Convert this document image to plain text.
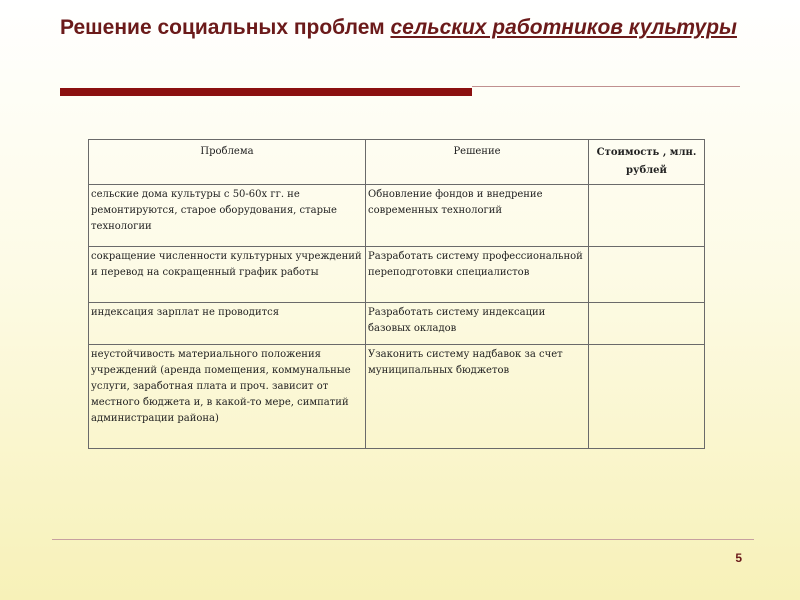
Решение социальных проблем сельских работников культуры
Проблема	Решение	Стоимость , млн. рублей
сельские дома культуры с 50-60х гг. не ремонтируются, старое оборудования, старые технологии	Обновление фондов и внедрение современных технологий	
сокращение численности культурных учреждений и перевод на сокращенный график работы	Разработать систему профессиональной переподготовки специалистов	
индексация зарплат не проводится	Разработать систему индексации базовых окладов	
неустойчивость материального положения учреждений (аренда помещения, коммунальные услуги, заработная плата и проч. зависит от местного бюджета и, в какой-то мере, симпатий администрации района)	Узаконить систему надбавок за счет муниципальных бюджетов	
5
